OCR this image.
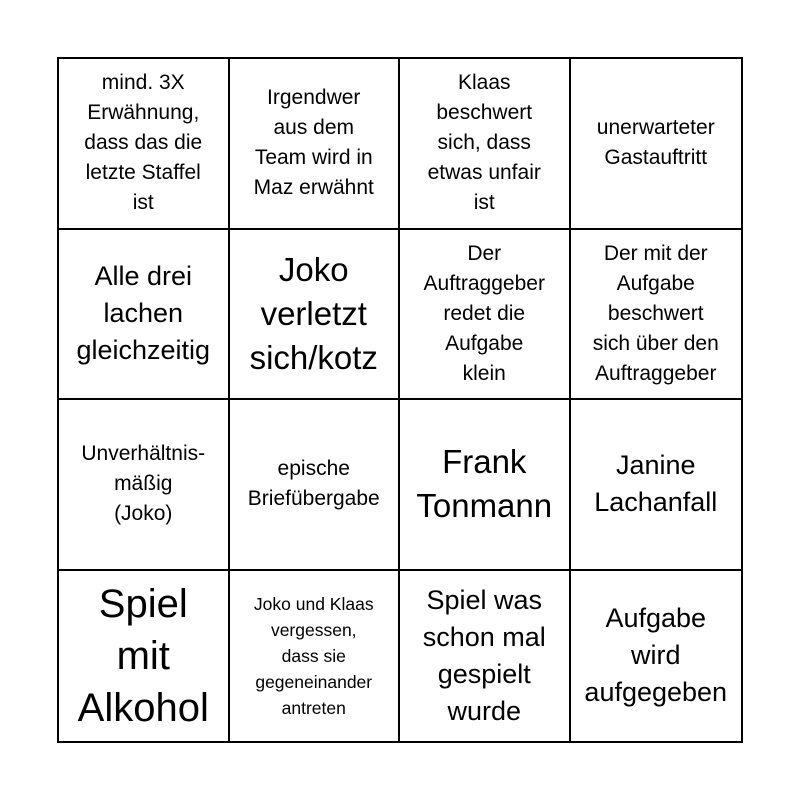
mind. 3X
Erwähnung,
dass das die
letzte Staffel
ist
Irgendwer
aus dem
Team wird in
Maz erwähnt
Klaas
beschwert
sich, dass
etwas unfair
ist
unerwarteter
Gastauftritt
Alle drei
lachen
gleichzeitig
Joko
verletzt
sich/kotz
Der
Auftraggeber
redet die
Aufgabe
klein
Der mit der
Aufgabe
beschwert
sich über den
Auftraggeber
Unverhältnis-
mäßig
(Joko)
epische
Briefübergabe
Frank
Tonmann
Janine
Lachanfall
Spiel
mit
Alkohol
Joko und Klaas
vergessen,
dass sie
gegeneinander
antreten
Spiel was
schon mal
gespielt
wurde
Aufgabe
wird
aufgegeben
